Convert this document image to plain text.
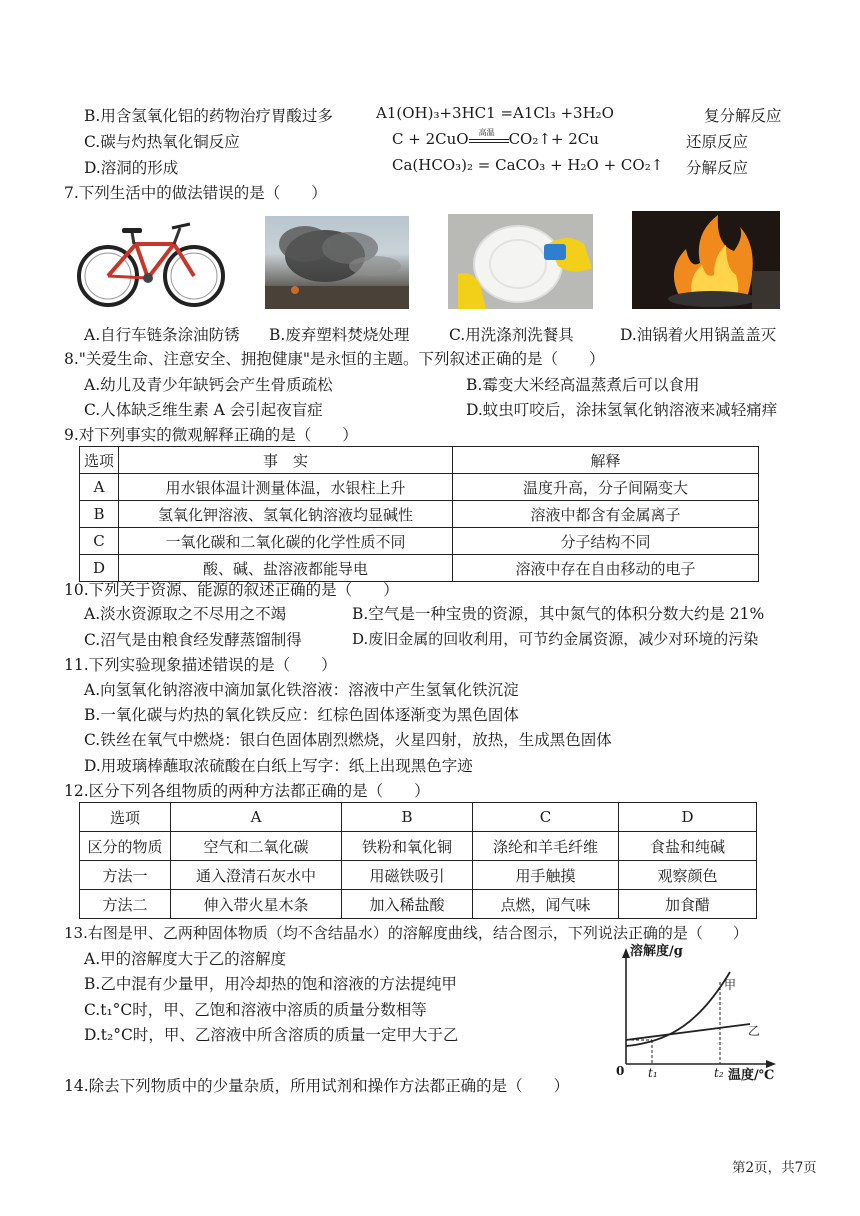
B.用含氢氧化铝的药物治疗胃酸过多	A1(OH)₃+3HC1 =A1Cl₃ +3H₂O	复分解反应
C.碳与灼热氧化铜反应	C + 2CuO 高温 CO₂↑+ 2Cu	还原反应
D.溶洞的形成	Ca(HCO₃)₂ = CaCO₃ + H₂O + CO₂↑ 分解反应
7.下列生活中的做法错误的是（　　）
A.自行车链条涂油防锈 B.废弃塑料焚烧处理	C.用洗涤剂洗餐具	D.油锅着火用锅盖盖灭
8."关爱生命、注意安全、拥抱健康"是永恒的主题。下列叙述正确的是（　　）
A.幼儿及青少年缺钙会产生骨质疏松	B.霉变大米经高温蒸煮后可以食用
C.人体缺乏维生素 A 会引起夜盲症	D.蚊虫叮咬后，涂抹氢氧化钠溶液来减轻痛痒
9.对下列事实的微观解释正确的是（　　）
选项	事　实	解释
A	用水银体温计测量体温，水银柱上升	温度升高，分子间隔变大
B	氢氧化钾溶液、氢氧化钠溶液均显碱性	溶液中都含有金属离子
C	一氧化碳和二氧化碳的化学性质不同	分子结构不同
D	酸、碱、盐溶液都能导电	溶液中存在自由移动的电子
10.下列关于资源、能源的叙述正确的是（　　）
A.淡水资源取之不尽用之不竭	B.空气是一种宝贵的资源，其中氮气的体积分数大约是 21%
C.沼气是由粮食经发酵蒸馏制得	D.废旧金属的回收利用，可节约金属资源，减少对环境的污染
11.下列实验现象描述错误的是（　　）
A.向氢氧化钠溶液中滴加氯化铁溶液：溶液中产生氢氧化铁沉淀
B.一氧化碳与灼热的氧化铁反应：红棕色固体逐渐变为黑色固体
C.铁丝在氧气中燃烧：银白色固体剧烈燃烧，火星四射，放热，生成黑色固体
D.用玻璃棒蘸取浓硫酸在白纸上写字：纸上出现黑色字迹
12.区分下列各组物质的两种方法都正确的是（　　）
选项	A	B	C	D
区分的物质	空气和二氧化碳	铁粉和氧化铜	涤纶和羊毛纤维	食盐和纯碱
方法一	通入澄清石灰水中	用磁铁吸引	用手触摸	观察颜色
方法二	伸入带火星木条	加入稀盐酸	点燃，闻气味	加食醋
13.右图是甲、乙两种固体物质（均不含结晶水）的溶解度曲线，结合图示，下列说法正确的是（　　）
A.甲的溶解度大于乙的溶解度
B.乙中混有少量甲，用冷却热的饱和溶液的方法提纯甲
C.t₁°C时，甲、乙饱和溶液中溶质的质量分数相等
D.t₂°C时，甲、乙溶液中所含溶质的质量一定甲大于乙
溶解度/g
甲
乙
0 t₁	t₂ 温度/℃
14.除去下列物质中的少量杂质，所用试剂和操作方法都正确的是（　　）
第2页，共7页
